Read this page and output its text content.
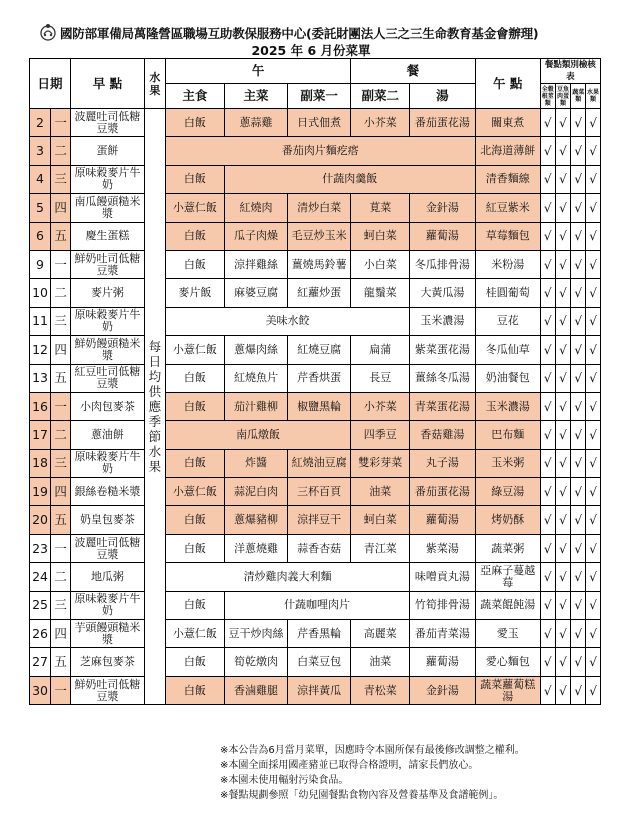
國防部軍備局萬隆營區職場互助教保服務中心(委託財團法人三之三生命教育基金會辦理)
2025 年 6 月份菜單
日期		早 點	水果	午			餐		午 點	餐點類別檢核表			
				主食	主菜	副菜一	副菜二	湯		全穀根莖類	豆魚肉蛋類	蔬菜類	水果類
2	一	波麗吐司低糖豆漿	每日均供應季節水果	白飯	蔥蒜雞	日式佃煮	小芥菜	番茄蛋花湯	關東煮	√	√	√	√
3	二	蛋餅		番茄肉片麵疙瘩					北海道薄餅	√	√	√	√
4	三	原味穀麥片牛奶		白飯	什蔬肉羹飯				清香麵線	√	√	√	√
5	四	南瓜饅頭糙米漿		小薏仁飯	紅燒肉	清炒白菜	莧菜	金針湯	紅豆紫米	√	√	√	√
6	五	慶生蛋糕		白飯	瓜子肉燥	毛豆炒玉米	蚵白菜	蘿蔔湯	草莓麵包	√	√	√	√
9	一	鮮奶吐司低糖豆漿		白飯	涼拌雞絲	薑燒馬鈴薯	小白菜	冬瓜排骨湯	米粉湯	√	√	√	√
10	二	麥片粥		麥片飯	麻婆豆腐	紅蘿炒蛋	龍鬚菜	大黃瓜湯	桂圓葡萄	√	√	√	√
11	三	原味穀麥片牛奶		美味水餃				玉米濃湯	豆花	√	√	√	√
12	四	鮮奶饅頭糙米漿		小薏仁飯	蔥爆肉絲	紅燒豆腐	扁蒲	紫菜蛋花湯	冬瓜仙草	√	√	√	√
13	五	紅豆吐司低糖豆漿		白飯	紅燒魚片	芹香烘蛋	長豆	薑絲冬瓜湯	奶油餐包	√	√	√	√
16	一	小肉包麥茶		白飯	茄汁雞柳	椒鹽黑輪	小芥菜	青菜蛋花湯	玉米濃湯	√	√	√	√
17	二	蔥油餅		南瓜燉飯			四季豆	香菇雞湯	巴布麵	√	√	√	√
18	三	原味穀麥片牛奶		白飯	炸醬	紅燒油豆腐	雙彩芽菜	丸子湯	玉米粥	√	√	√	√
19	四	銀絲卷糙米漿		小薏仁飯	蒜泥白肉	三杯百頁	油菜	番茄蛋花湯	綠豆湯	√	√	√	√
20	五	奶皇包麥茶		白飯	蔥爆豬柳	涼拌豆干	蚵白菜	蘿蔔湯	烤奶酥	√	√	√	√
23	一	波麗吐司低糖豆漿		白飯	洋蔥燒雞	蒜香杏菇	青江菜	紫菜湯	蔬菜粥	√	√	√	√
24	二	地瓜粥		清炒雞肉義大利麵				味噌貢丸湯	亞麻子蔓越莓	√	√	√	√
25	三	原味穀麥片牛奶		白飯	什蔬咖哩肉片			竹筍排骨湯	蔬菜餛飩湯	√	√	√	√
26	四	芋頭饅頭糙米漿		小薏仁飯	豆干炒肉絲	芹香黑輪	高麗菜	番茄青菜湯	愛玉	√	√	√	√
27	五	芝麻包麥茶		白飯	筍乾燉肉	白菜豆包	油菜	蘿蔔湯	愛心麵包	√	√	√	√
30	一	鮮奶吐司低糖豆漿		白飯	香滷雞腿	涼拌黃瓜	青松菜	金針湯	蔬菜蘿蔔糕湯	√	√	√	√
※本公告為6月當月菜單，因應時令本園所保有最後修改調整之權利。
※本園全面採用國產豬並已取得合格證明，請家長們放心。
※本園未使用輻射污染食品。
※餐點規劃參照「幼兒園餐點食物內容及營養基準及食譜範例」。
